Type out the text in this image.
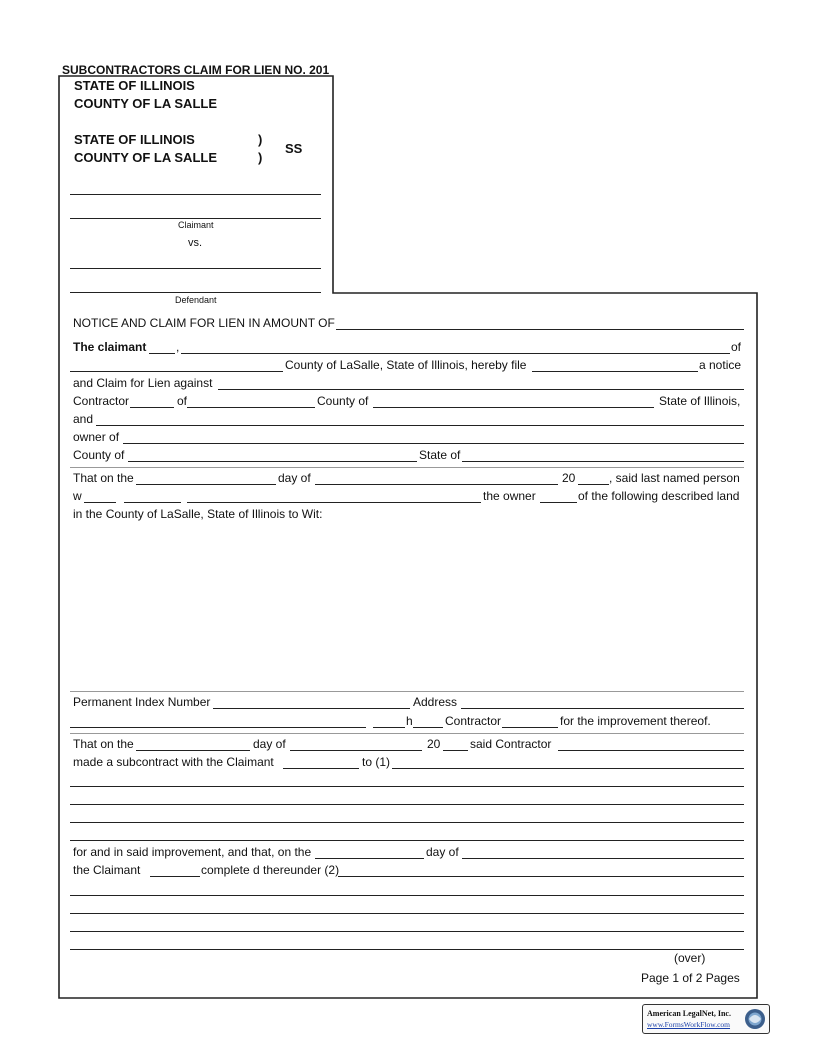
SUBCONTRACTORS CLAIM FOR LIEN NO. 201
STATE OF ILLINOIS
COUNTY OF LA SALLE
STATE OF ILLINOIS
COUNTY OF LA SALLE
)
)
SS
Claimant
vs.
Defendant
NOTICE AND CLAIM FOR LIEN IN AMOUNT OF
The claimant ,	of
County of LaSalle, State of Illinois, hereby file	a notice
and Claim for Lien against
Contractor	of	County of	State of Illinois,
and
owner of
County of	State of
That on the	day of	20	, said last named person
w	the owner	of the following described land
in the County of LaSalle, State of Illinois to Wit:
Permanent Index Number	Address
h	Contractor	for the improvement thereof.
That on the	day of	20 said Contractor
made a subcontract with the Claimant	to (1)
for and in said improvement, and that, on the	day of
the Claimant	complete d thereunder (2)
(over)
Page 1 of 2 Pages
American LegalNet, Inc.
www.FormsWorkFlow.com
